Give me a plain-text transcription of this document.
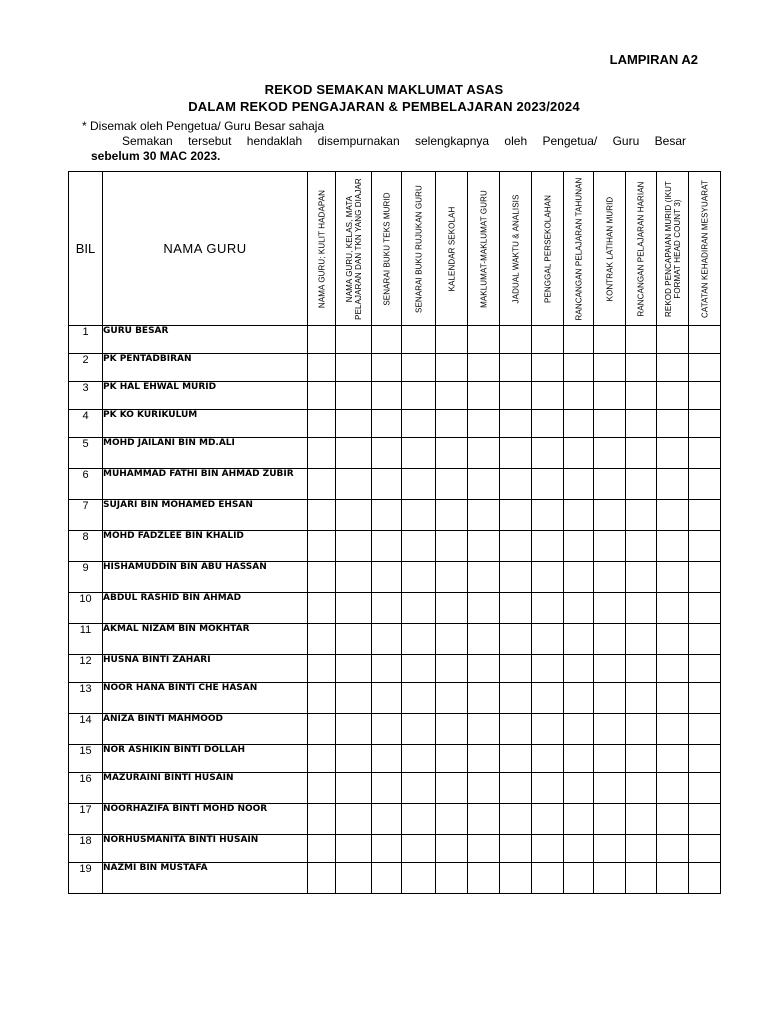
LAMPIRAN A2
REKOD SEMAKAN MAKLUMAT ASAS
DALAM REKOD PENGAJARAN & PEMBELAJARAN 2023/2024
* Disemak oleh Pengetua/ Guru Besar sahaja
Semakan tersebut hendaklah disempurnakan selengkapnya oleh Pengetua/ Guru Besar
sebelum 30 MAC 2023.
BIL	NAMA GURU	NAMA GURU; KULIT HADAPAN	NAMA GURU, KELAS, MATA PELAJARAN DAN TKN YANG DIAJAR	SENARAI BUKU TEKS MURID	SENARAI BUKU RUJUKAN GURU	KALENDAR SEKOLAH	MAKLUMAT-MAKLUMAT GURU	JADUAL WAKTU & ANALISIS	PENGGAL PERSEKOLAHAN	RANCANGAN PELAJARAN TAHUNAN	KONTRAK LATIHAN MURID	RANCANGAN PELAJARAN HARIAN	REKOD PENCAPAIAN MURID (IKUT FORMAT HEAD COUNT 3)	CATATAN KEHADIRAN MESYUARAT

1	GURU BESAR													
2	PK PENTADBIRAN													
3	PK HAL EHWAL MURID													
4	PK KO KURIKULUM													
5	MOHD JAILANI BIN MD.ALI													
6	MUHAMMAD FATHI BIN AHMAD ZUBIR													
7	SUJARI BIN MOHAMED EHSAN													
8	MOHD FADZLEE BIN KHALID													
9	HISHAMUDDIN BIN ABU HASSAN													
10	ABDUL RASHID BIN AHMAD													
11	AKMAL NIZAM BIN MOKHTAR													
12	HUSNA BINTI ZAHARI													
13	NOOR HANA BINTI CHE HASAN													
14	ANIZA BINTI MAHMOOD													
15	NOR ASHIKIN BINTI DOLLAH													
16	MAZURAINI BINTI HUSAIN													
17	NOORHAZIFA BINTI MOHD NOOR													
18	NORHUSMANITA BINTI HUSAIN													
19	NAZMI BIN MUSTAFA													
